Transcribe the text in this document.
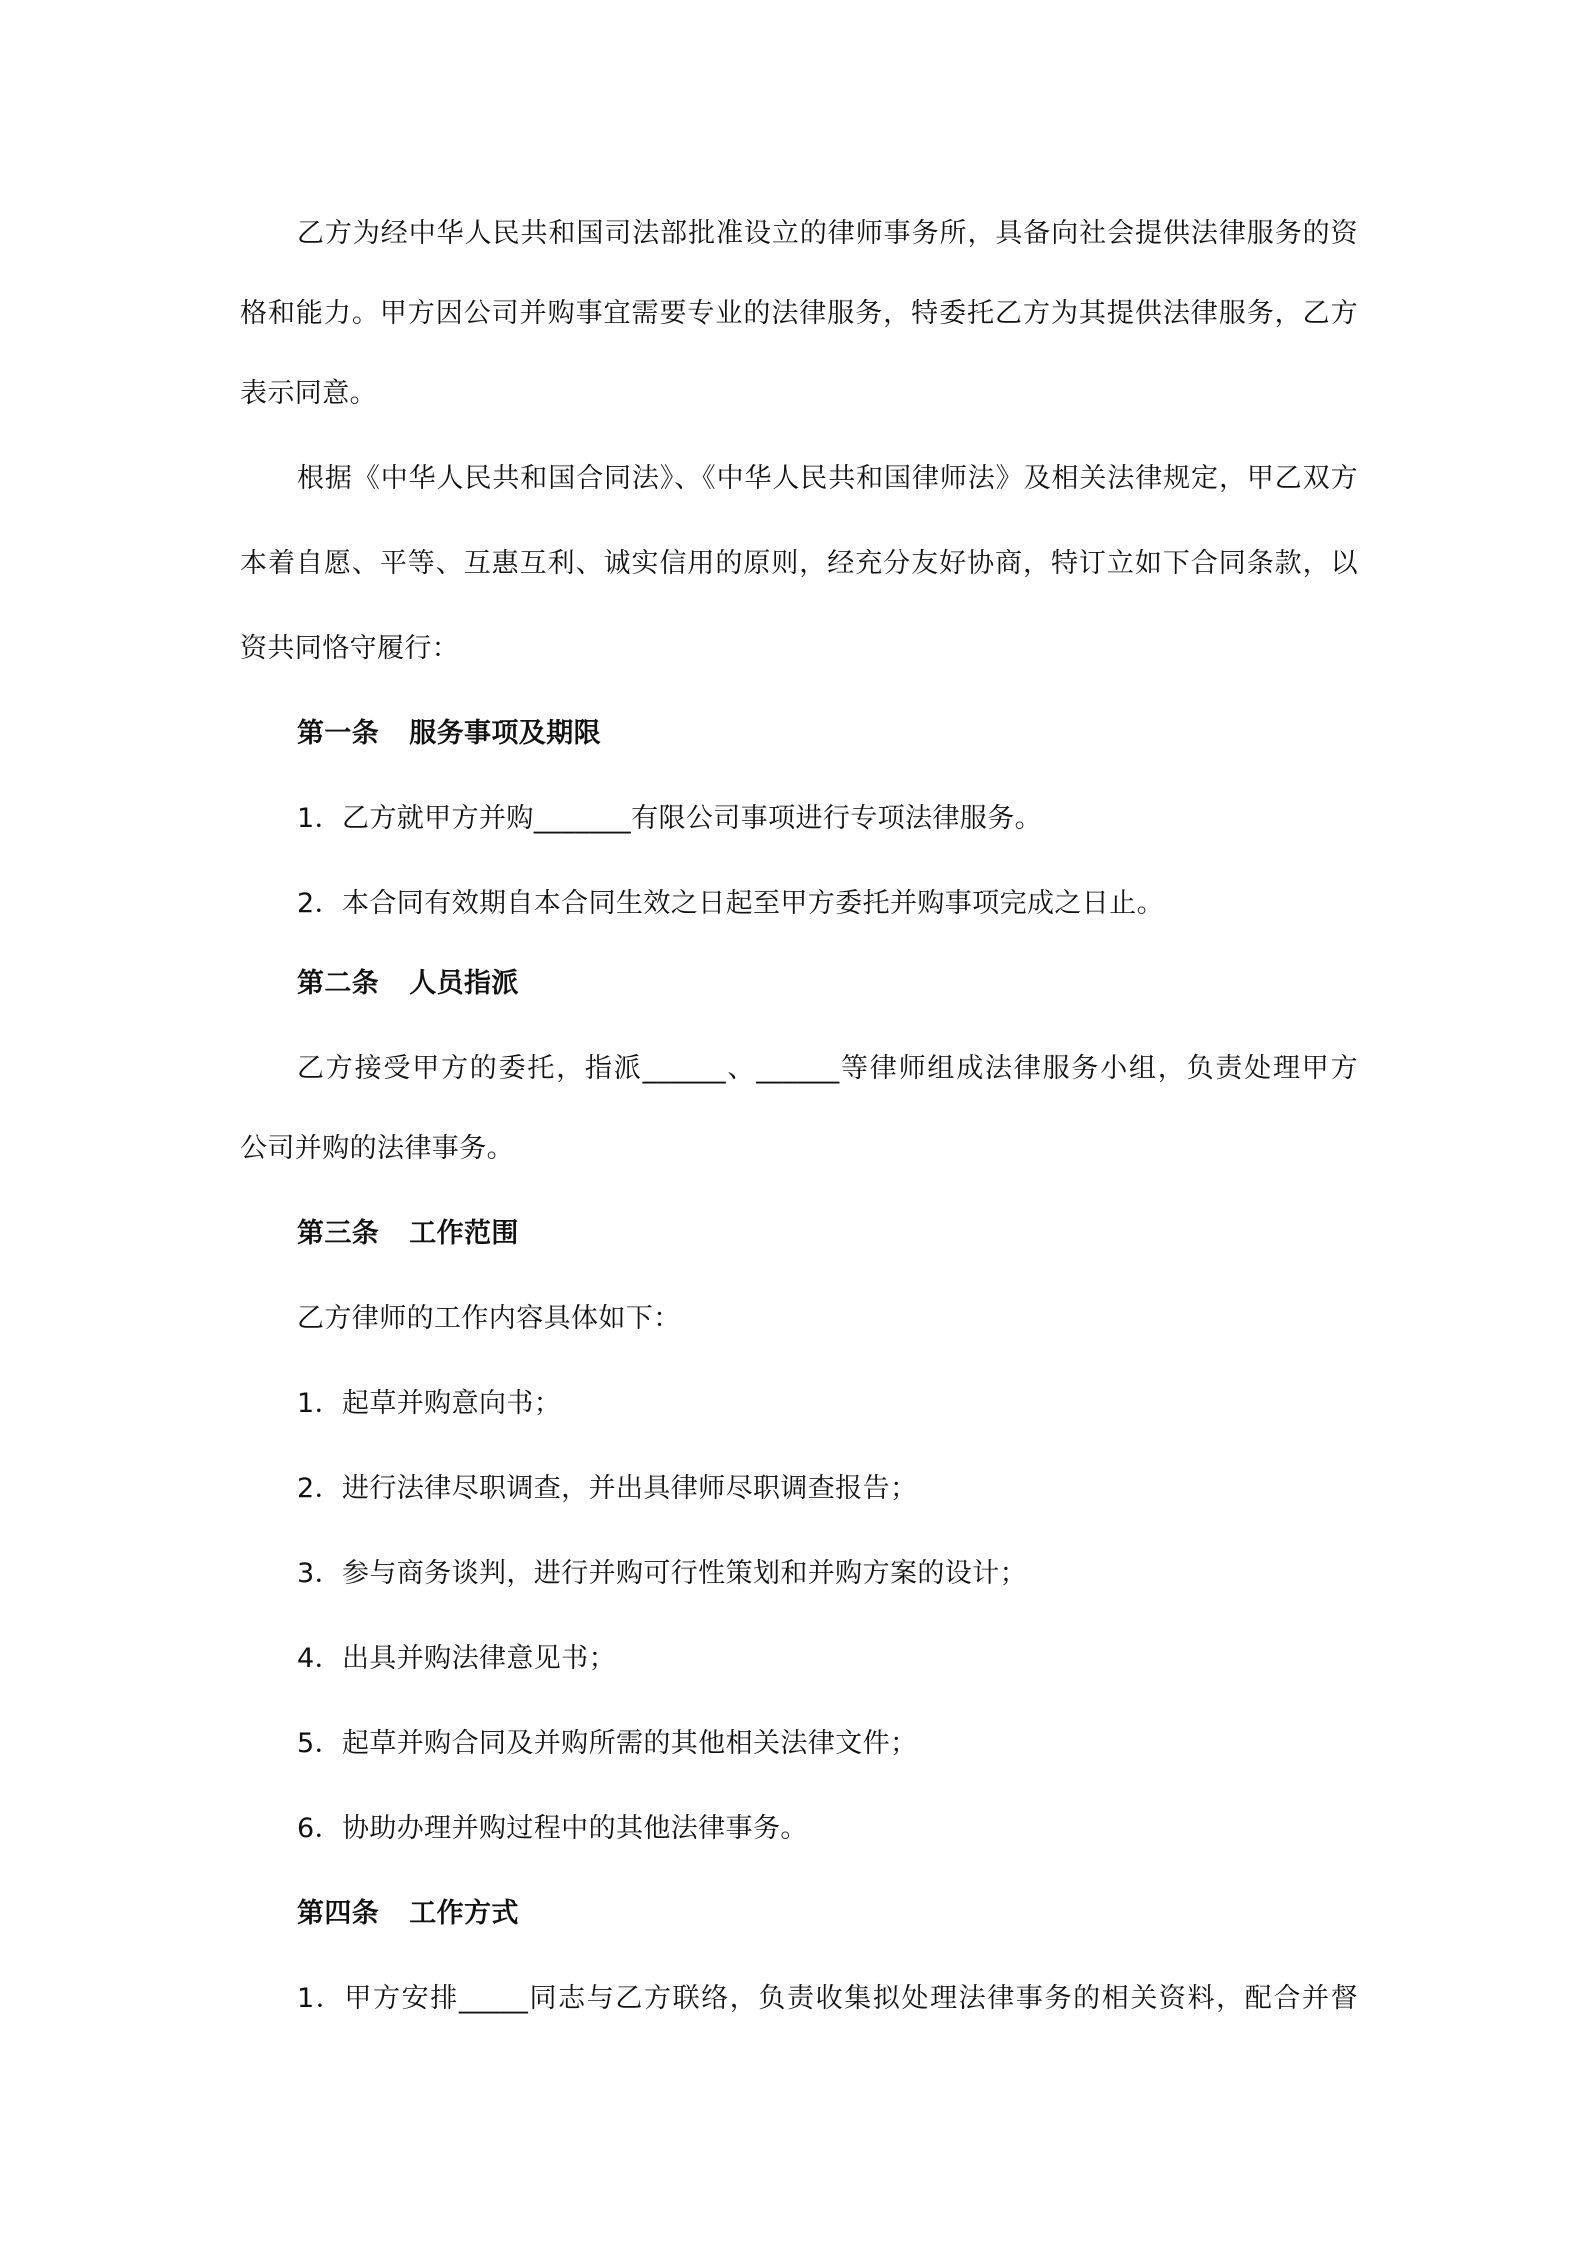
乙方为经中华人民共和国司法部批准设立的律师事务所，具备向社会提供法律服务的资
格和能力。甲方因公司并购事宜需要专业的法律服务，特委托乙方为其提供法律服务，乙方
表示同意。
根据《中华人民共和国合同法》、《中华人民共和国律师法》及相关法律规定，甲乙双方
本着自愿、平等、互惠互利、诚实信用的原则，经充分友好协商，特订立如下合同条款，以
资共同恪守履行：
第一条 服务事项及期限
1．乙方就甲方并购_______有限公司事项进行专项法律服务。
2．本合同有效期自本合同生效之日起至甲方委托并购事项完成之日止。
第二条 人员指派
乙方接受甲方的委托，指派______、______等律师组成法律服务小组，负责处理甲方
公司并购的法律事务。
第三条 工作范围
乙方律师的工作内容具体如下：
1．起草并购意向书；
2．进行法律尽职调查，并出具律师尽职调查报告；
3．参与商务谈判，进行并购可行性策划和并购方案的设计；
4．出具并购法律意见书；
5．起草并购合同及并购所需的其他相关法律文件；
6．协助办理并购过程中的其他法律事务。
第四条 工作方式
1．甲方安排_____同志与乙方联络，负责收集拟处理法律事务的相关资料，配合并督
